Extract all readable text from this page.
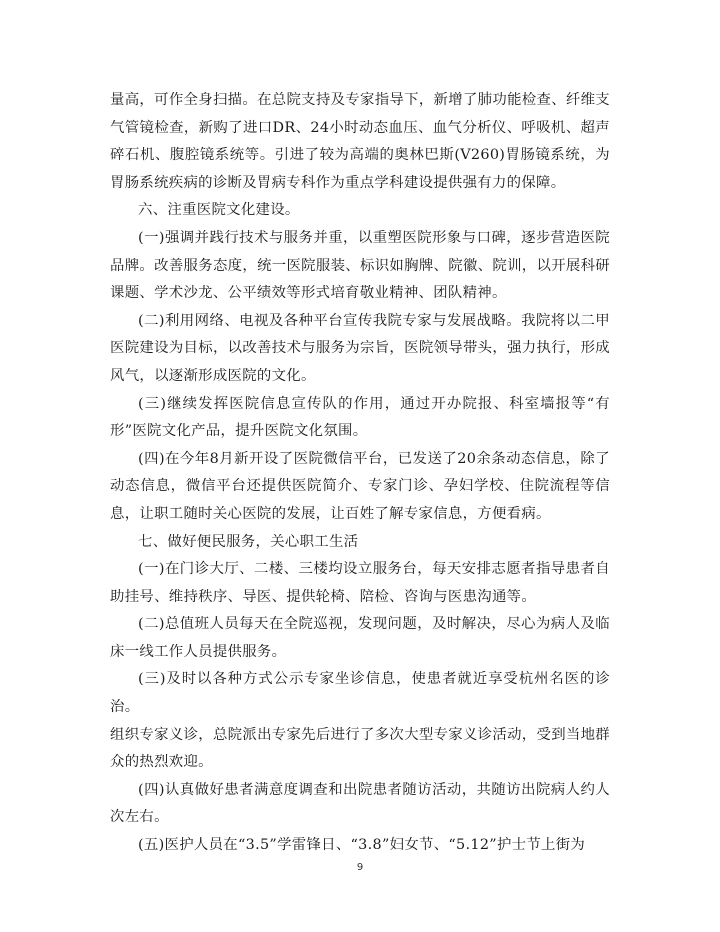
量高，可作全身扫描。在总院支持及专家指导下，新增了肺功能检查、纤维支气管镜检查，新购了进口DR、24小时动态血压、血气分析仪、呼吸机、超声碎石机、腹腔镜系统等。引进了较为高端的奥林巴斯(V260)胃肠镜系统，为胃肠系统疾病的诊断及胃病专科作为重点学科建设提供强有力的保障。

六、注重医院文化建设。

(一)强调并践行技术与服务并重，以重塑医院形象与口碑，逐步营造医院品牌。改善服务态度，统一医院服装、标识如胸牌、院徽、院训，以开展科研课题、学术沙龙、公平绩效等形式培育敬业精神、团队精神。

(二)利用网络、电视及各种平台宣传我院专家与发展战略。我院将以二甲医院建设为目标，以改善技术与服务为宗旨，医院领导带头，强力执行，形成风气，以逐渐形成医院的文化。

(三)继续发挥医院信息宣传队的作用，通过开办院报、科室墙报等“有形”医院文化产品，提升医院文化氛围。

(四)在今年8月新开设了医院微信平台，已发送了20余条动态信息，除了动态信息，微信平台还提供医院简介、专家门诊、孕妇学校、住院流程等信息，让职工随时关心医院的发展，让百姓了解专家信息，方便看病。

七、做好便民服务，关心职工生活

(一)在门诊大厅、二楼、三楼均设立服务台，每天安排志愿者指导患者自助挂号、维持秩序、导医、提供轮椅、陪检、咨询与医患沟通等。

(二)总值班人员每天在全院巡视，发现问题，及时解决，尽心为病人及临床一线工作人员提供服务。

(三)及时以各种方式公示专家坐诊信息，使患者就近享受杭州名医的诊治。

组织专家义诊，总院派出专家先后进行了多次大型专家义诊活动，受到当地群众的热烈欢迎。

(四)认真做好患者满意度调查和出院患者随访活动，共随访出院病人约人次左右。

(五)医护人员在“3.5”学雷锋日、“3.8”妇女节、“5.12”护士节上街为

9
